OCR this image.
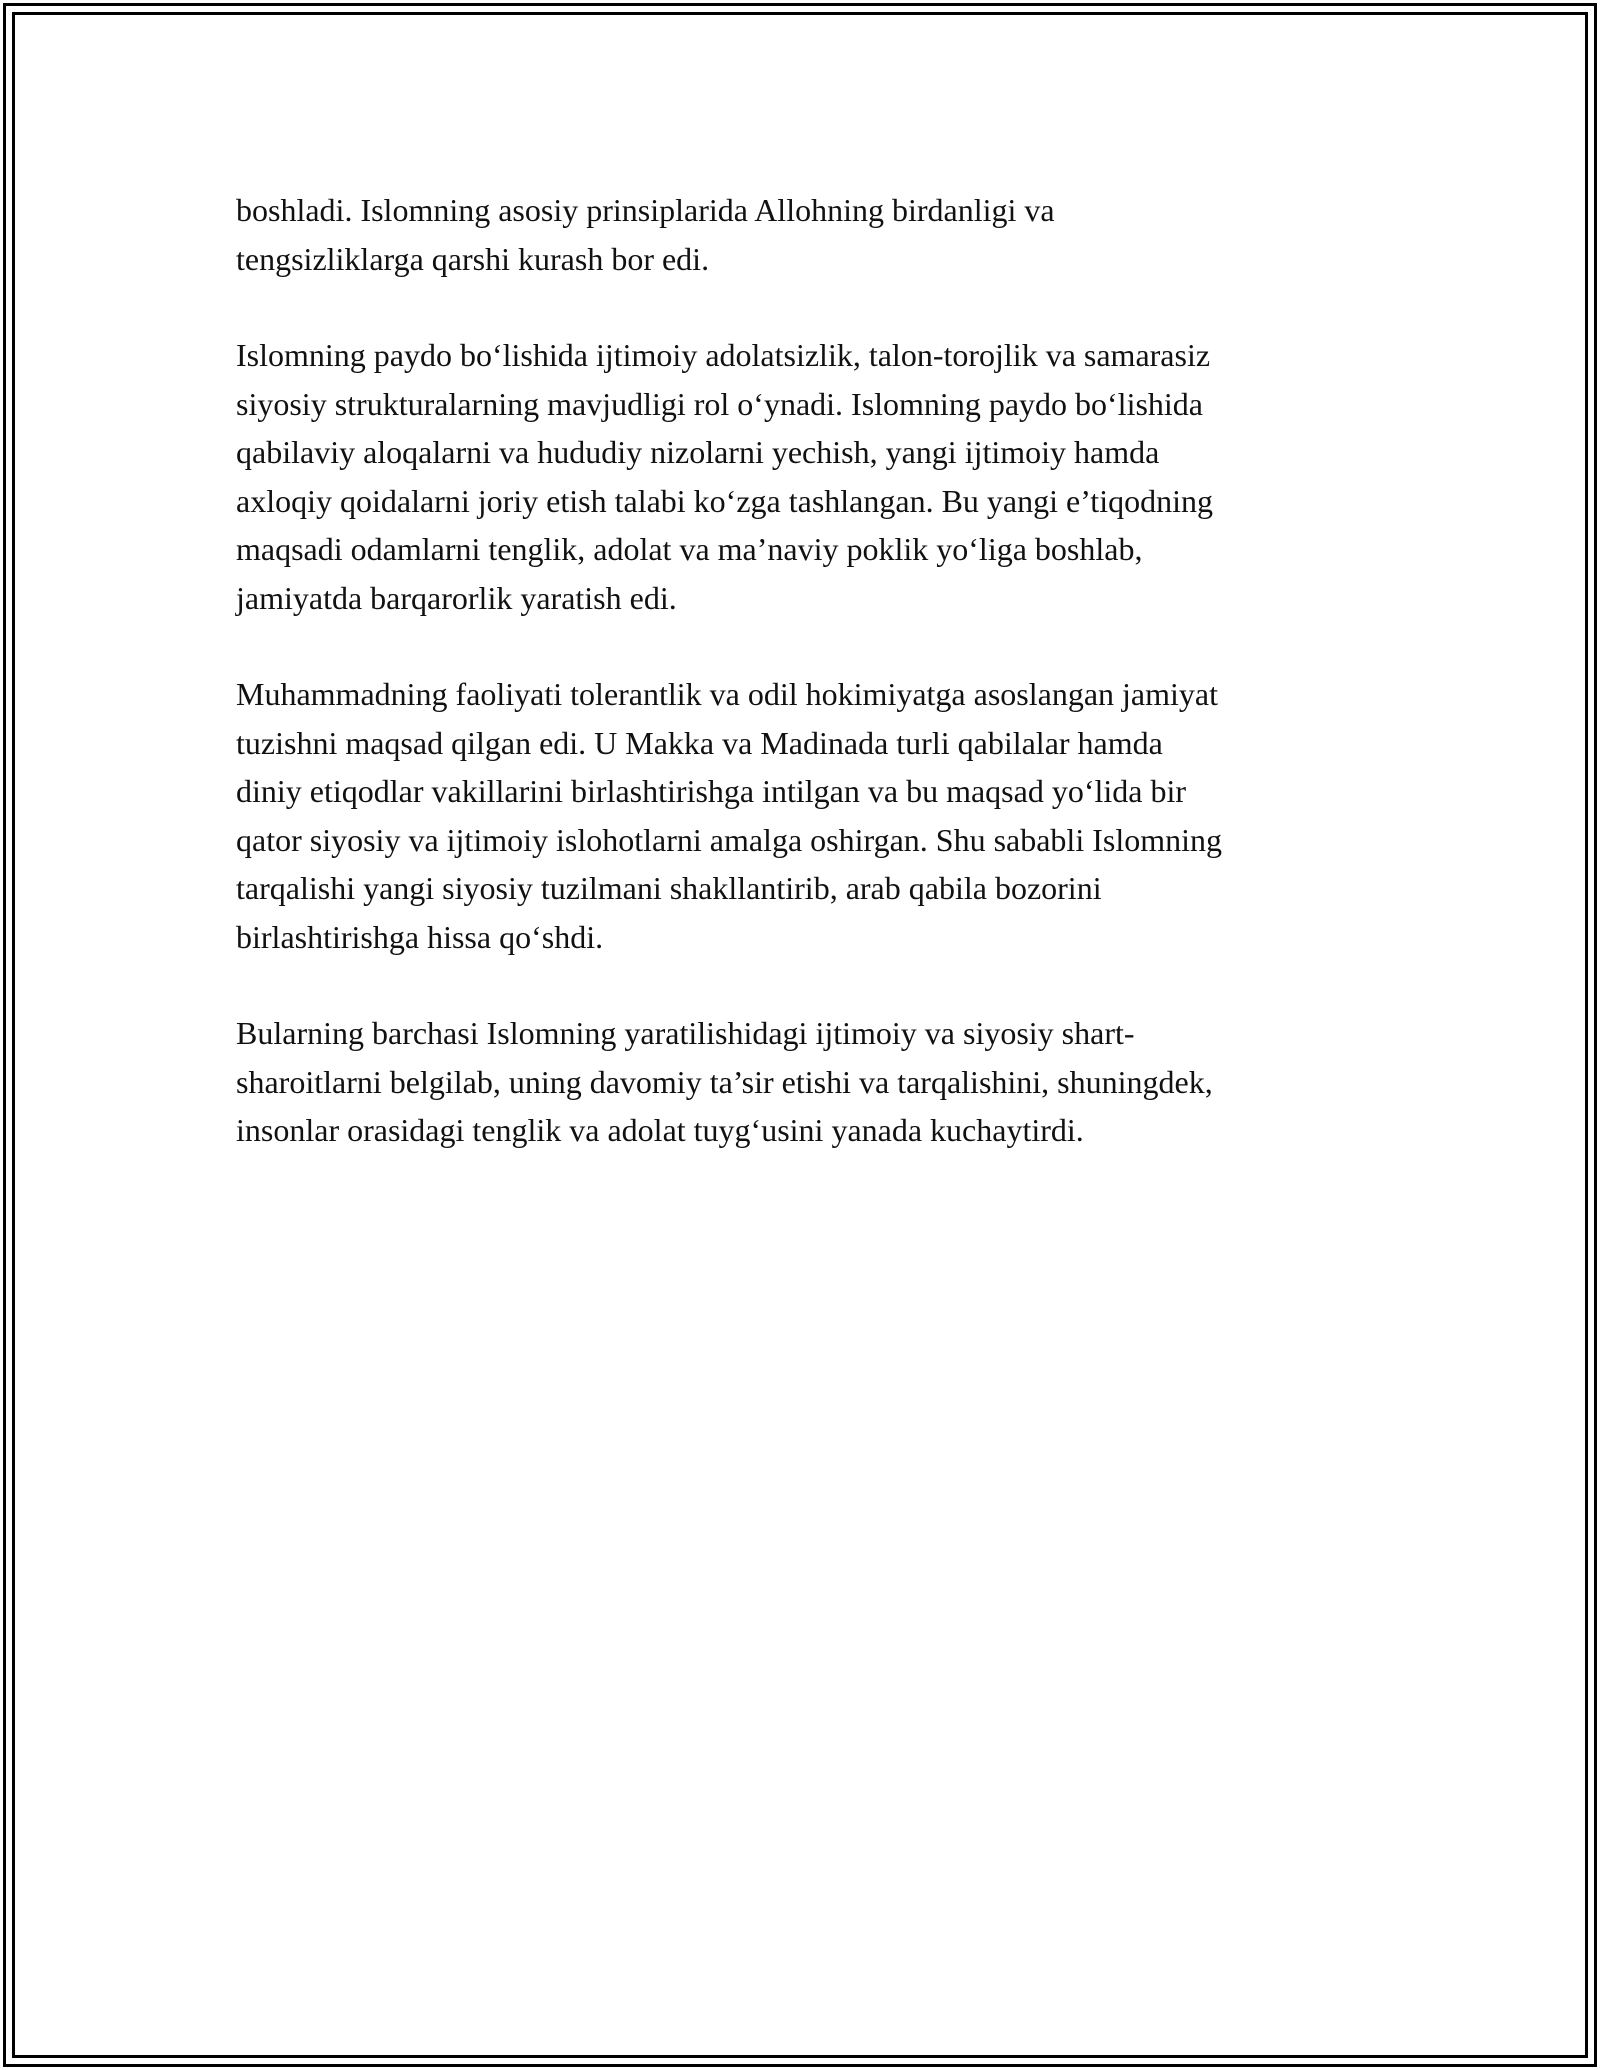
boshladi. Islomning asosiy prinsiplarida Allohning birdanligi va
tengsizliklarga qarshi kurash bor edi.

Islomning paydo bo‘lishida ijtimoiy adolatsizlik, talon-torojlik va samarasiz
siyosiy strukturalarning mavjudligi rol o‘ynadi. Islomning paydo bo‘lishida
qabilaviy aloqalarni va hududiy nizolarni yechish, yangi ijtimoiy hamda
axloqiy qoidalarni joriy etish talabi ko‘zga tashlangan. Bu yangi e’tiqodning
maqsadi odamlarni tenglik, adolat va ma’naviy poklik yo‘liga boshlab,
jamiyatda barqarorlik yaratish edi.

Muhammadning faoliyati tolerantlik va odil hokimiyatga asoslangan jamiyat
tuzishni maqsad qilgan edi. U Makka va Madinada turli qabilalar hamda
diniy etiqodlar vakillarini birlashtirishga intilgan va bu maqsad yo‘lida bir
qator siyosiy va ijtimoiy islohotlarni amalga oshirgan. Shu sababli Islomning
tarqalishi yangi siyosiy tuzilmani shakllantirib, arab qabila bozorini
birlashtirishga hissa qo‘shdi.

Bularning barchasi Islomning yaratilishidagi ijtimoiy va siyosiy shart-
sharoitlarni belgilab, uning davomiy ta’sir etishi va tarqalishini, shuningdek,
insonlar orasidagi tenglik va adolat tuyg‘usini yanada kuchaytirdi.
